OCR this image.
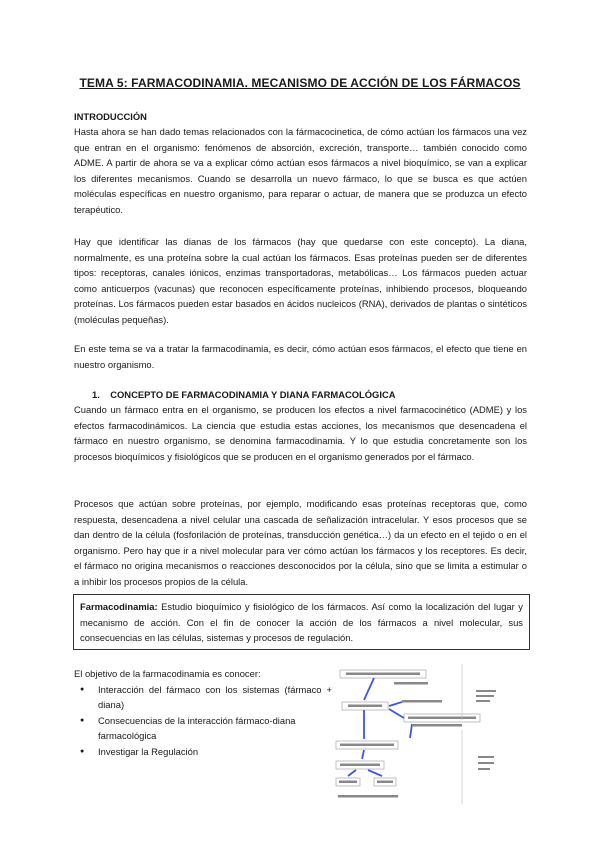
TEMA 5: FARMACODINAMIA. MECANISMO DE ACCIÓN DE LOS FÁRMACOS
INTRODUCCIÓN

Hasta ahora se han dado temas relacionados con la fármacocinetica, de cómo actúan los fármacos una vez que entran en el organismo: fenómenos de absorción, excreción, transporte… también conocido como ADME. A partir de ahora se va a explicar cómo actúan esos fármacos a nivel bioquímico, se van a explicar los diferentes mecanismos. Cuando se desarrolla un nuevo fármaco, lo que se busca es que actúen moléculas específicas en nuestro organismo, para reparar o actuar, de manera que se produzca un efecto terapéutico.

Hay que identificar las dianas de los fármacos (hay que quedarse con este concepto). La diana, normalmente, es una proteína sobre la cual actúan los fármacos. Esas proteínas pueden ser de diferentes tipos: receptoras, canales iónicos, enzimas transportadoras, metabólicas… Los fármacos pueden actuar como anticuerpos (vacunas) que reconocen específicamente proteínas, inhibiendo procesos, bloqueando proteínas. Los fármacos pueden estar basados en ácidos nucleicos (RNA), derivados de plantas o sintéticos (moléculas pequeñas).

En este tema se va a tratar la farmacodinamia, es decir, cómo actúan esos fármacos, el efecto que tiene en nuestro organismo.

1.    CONCEPTO DE FARMACODINAMIA Y DIANA FARMACOLÓGICA

Cuando un fármaco entra en el organismo, se producen los efectos a nivel farmacocinético (ADME) y los efectos farmacodinámicos. La ciencia que estudia estas acciones, los mecanismos que desencadena el fármaco en nuestro organismo, se denomina farmacodinamia. Y lo que estudia concretamente son los procesos bioquímicos y fisiológicos que se producen en el organismo generados por el fármaco.

Procesos que actúan sobre proteínas, por ejemplo, modificando esas proteínas receptoras que, como respuesta, desencadena a nivel celular una cascada de señalización intracelular. Y esos procesos que se dan dentro de la célula (fosforilación de proteínas, transducción genética…) da un efecto en el tejido o en el organismo. Pero hay que ir a nivel molecular para ver cómo actúan los fármacos y los receptores. Es decir, el fármaco no origina mecanismos o reacciones desconocidos por la célula, sino que se limita a estimular o a inhibir los procesos propios de la célula.

Farmacodinamia: Estudio bioquímico y fisiológico de los fármacos. Así como la localización del lugar y mecanismo de acción. Con el fin de conocer la acción de los fármacos a nivel molecular, sus consecuencias en las células, sistemas y procesos de regulación.
El objetivo de la farmacodinamia es conocer:
● Interacción del fármaco con los sistemas (fármaco + diana)
● Consecuencias de la interacción fármaco-diana farmacológica
● Investigar la Regulación
